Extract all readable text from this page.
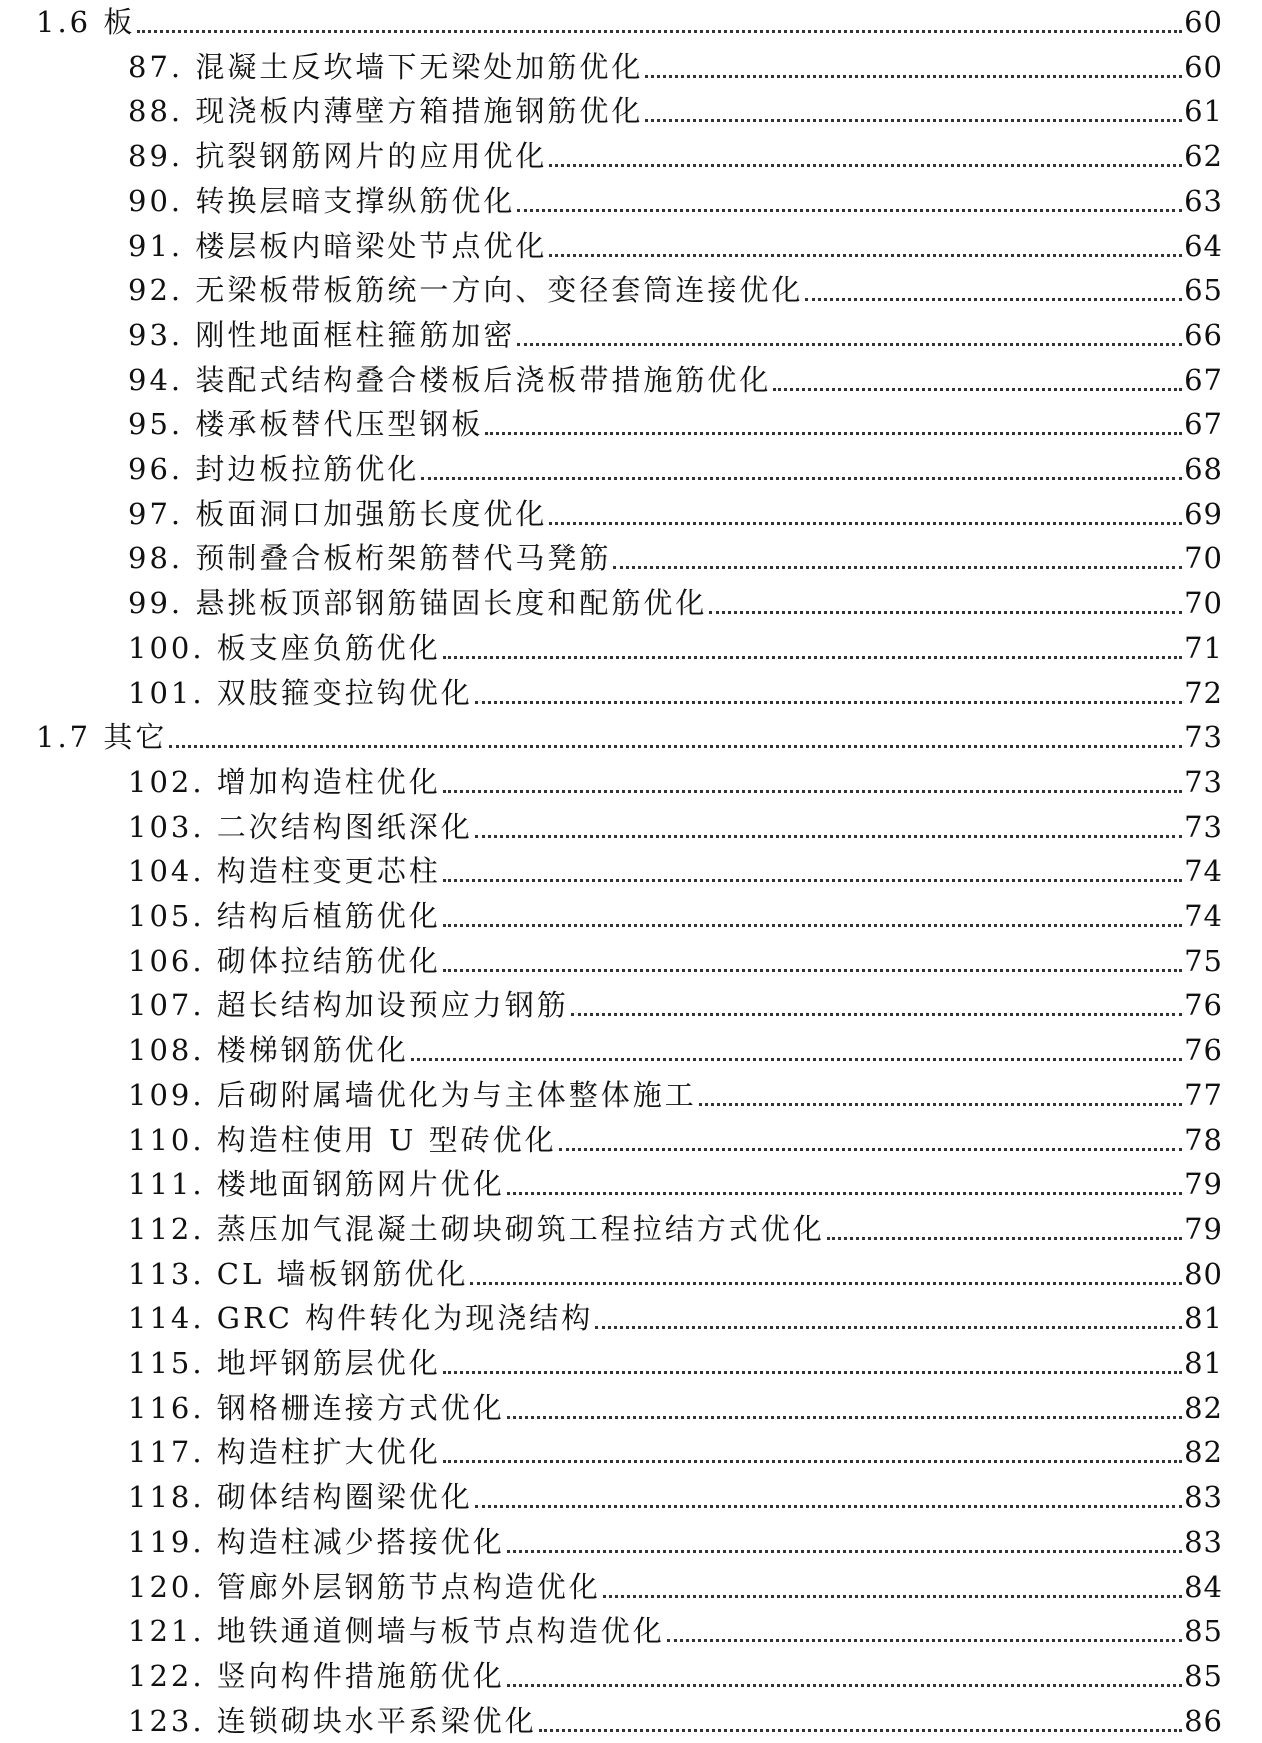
1.6 板	60
87. 混凝土反坎墙下无梁处加筋优化	60
88. 现浇板内薄壁方箱措施钢筋优化	61
89. 抗裂钢筋网片的应用优化	62
90. 转换层暗支撑纵筋优化	63
91. 楼层板内暗梁处节点优化	64
92. 无梁板带板筋统一方向、变径套筒连接优化	65
93. 刚性地面框柱箍筋加密	66
94. 装配式结构叠合楼板后浇板带措施筋优化	67
95. 楼承板替代压型钢板	67
96. 封边板拉筋优化	68
97. 板面洞口加强筋长度优化	69
98. 预制叠合板桁架筋替代马凳筋	70
99. 悬挑板顶部钢筋锚固长度和配筋优化	70
100. 板支座负筋优化	71
101. 双肢箍变拉钩优化	72
1.7 其它	73
102. 增加构造柱优化	73
103. 二次结构图纸深化	73
104. 构造柱变更芯柱	74
105. 结构后植筋优化	74
106. 砌体拉结筋优化	75
107. 超长结构加设预应力钢筋	76
108. 楼梯钢筋优化	76
109. 后砌附属墙优化为与主体整体施工	77
110. 构造柱使用 U 型砖优化	78
111. 楼地面钢筋网片优化	79
112. 蒸压加气混凝土砌块砌筑工程拉结方式优化	79
113. CL 墙板钢筋优化	80
114. GRC 构件转化为现浇结构	81
115. 地坪钢筋层优化	81
116. 钢格栅连接方式优化	82
117. 构造柱扩大优化	82
118. 砌体结构圈梁优化	83
119. 构造柱减少搭接优化	83
120. 管廊外层钢筋节点构造优化	84
121. 地铁通道侧墙与板节点构造优化	85
122. 竖向构件措施筋优化	85
123. 连锁砌块水平系梁优化	86
